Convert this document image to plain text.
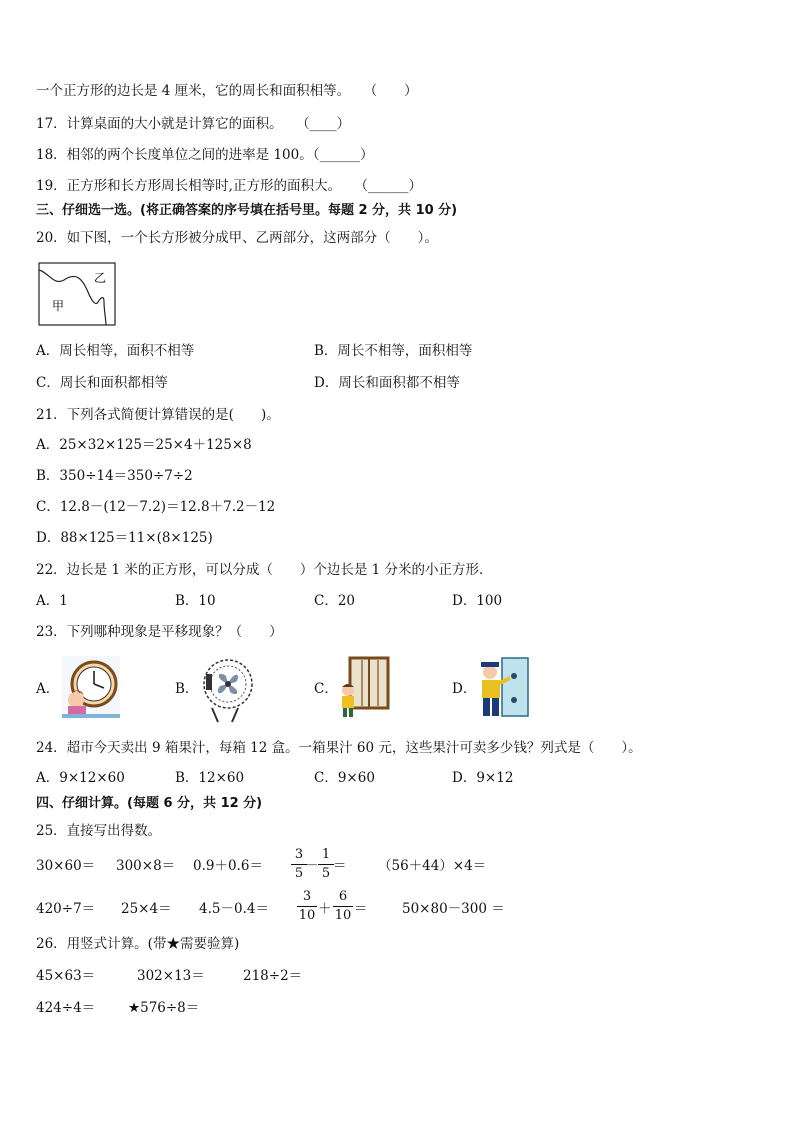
一个正方形的边长是 4 厘米，它的周长和面积相等。　　（　　）
17．计算桌面的大小就是计算它的面积。　　（____）
18．相邻的两个长度单位之间的进率是 100。（______）
19．正方形和长方形周长相等时,正方形的面积大。　　（______）
三、仔细选一选。(将正确答案的序号填在括号里。每题 2 分，共 10 分)
20．如下图，一个长方形被分成甲、乙两部分，这两部分（　　）。
甲
乙
A．周长相等，面积不相等	B．周长不相等，面积相等
C．周长和面积都相等	D．周长和面积都不相等
21．下列各式简便计算错误的是(　　)。
A．25×32×125＝25×4＋125×8
B．350÷14＝350÷7÷2
C．12.8－(12－7.2)＝12.8＋7.2－12
D．88×125＝11×(8×125)
22．边长是 1 米的正方形，可以分成（　　）个边长是 1 分米的小正方形．
A．1	B．10	C．20	D．100
23．下列哪种现象是平移现象？（　　）
A．	B．	C．	D．
24．超市今天卖出 9 箱果汁，每箱 12 盒。一箱果汁 60 元，这些果汁可卖多少钱？列式是（　　）。
A．9×12×60	B．12×60	C．9×60	D．9×12
四、仔细计算。(每题 6 分，共 12 分)
25．直接写出得数。
30×60＝ 300×8＝ 0.9＋0.6＝
3
5 －
1
5 ＝ （56＋44）×4＝
420÷7＝ 25×4＝ 4.5－0.4＝
3
10 ＋
6
10 ＝	50×80－300 ＝
26．用竖式计算。(带★需要验算)
45×63＝	302×13＝	218÷2＝
424÷4＝ ★576÷8＝
